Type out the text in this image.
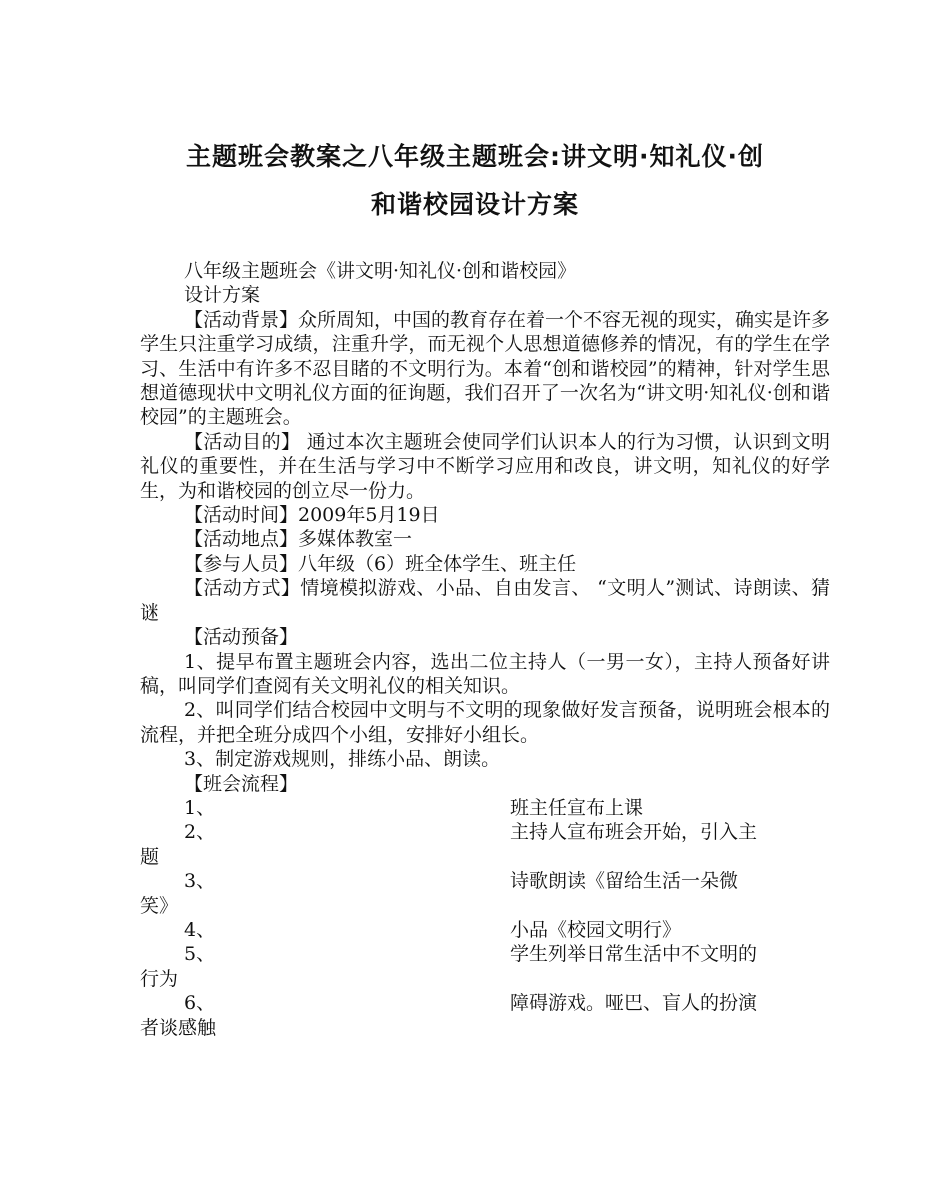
主题班会教案之八年级主题班会:讲文明·知礼仪·创
和谐校园设计方案

八年级主题班会《讲文明·知礼仪·创和谐校园》

设计方案

【活动背景】众所周知，中国的教育存在着一个不容无视的现实，确实是许多学生只注重学习成绩，注重升学，而无视个人思想道德修养的情况，有的学生在学习、生活中有许多不忍目睹的不文明行为。本着“创和谐校园”的精神，针对学生思想道德现状中文明礼仪方面的征询题，我们召开了一次名为“讲文明·知礼仪·创和谐校园”的主题班会。

【活动目的】 通过本次主题班会使同学们认识本人的行为习惯，认识到文明礼仪的重要性，并在生活与学习中不断学习应用和改良，讲文明，知礼仪的好学生，为和谐校园的创立尽一份力。

【活动时间】2009年5月19日

【活动地点】多媒体教室一

【参与人员】八年级（6）班全体学生、班主任

【活动方式】情境模拟游戏、小品、自由发言、 “文明人”测试、诗朗读、猜谜

【活动预备】

1、提早布置主题班会内容，选出二位主持人（一男一女），主持人预备好讲稿，叫同学们查阅有关文明礼仪的相关知识。

2、叫同学们结合校园中文明与不文明的现象做好发言预备，说明班会根本的流程，并把全班分成四个小组，安排好小组长。

3、制定游戏规则，排练小品、朗读。

【班会流程】

1、	班主任宣布上课
2、	主持人宣布班会开始，引入主
题
3、	诗歌朗读《留给生活一朵微
笑》
4、	小品《校园文明行》
5、	学生列举日常生活中不文明的
行为
6、	障碍游戏。哑巴、盲人的扮演
者谈感触
